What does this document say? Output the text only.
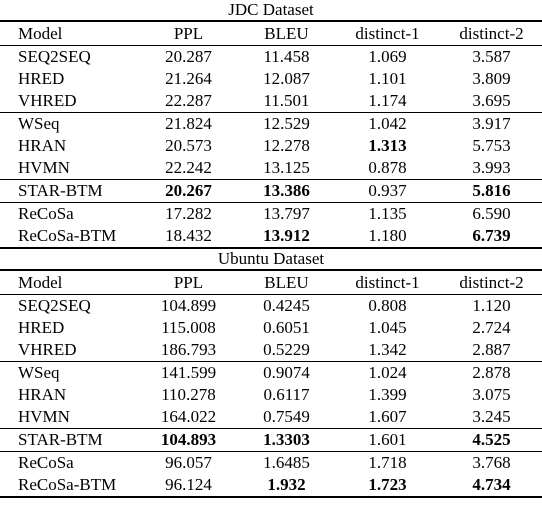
JDC Dataset
Model	PPL	BLEU	distinct-1	distinct-2
SEQ2SEQ	20.287	11.458	1.069	3.587
HRED	21.264	12.087	1.101	3.809
VHRED	22.287	11.501	1.174	3.695
WSeq	21.824	12.529	1.042	3.917
HRAN	20.573	12.278	1.313	5.753
HVMN	22.242	13.125	0.878	3.993
STAR-BTM	20.267	13.386	0.937	5.816
ReCoSa	17.282	13.797	1.135	6.590
ReCoSa-BTM	18.432	13.912	1.180	6.739
Ubuntu Dataset
Model	PPL	BLEU	distinct-1	distinct-2
SEQ2SEQ	104.899	0.4245	0.808	1.120
HRED	115.008	0.6051	1.045	2.724
VHRED	186.793	0.5229	1.342	2.887
WSeq	141.599	0.9074	1.024	2.878
HRAN	110.278	0.6117	1.399	3.075
HVMN	164.022	0.7549	1.607	3.245
STAR-BTM	104.893	1.3303	1.601	4.525
ReCoSa	96.057	1.6485	1.718	3.768
ReCoSa-BTM	96.124	1.932	1.723	4.734
